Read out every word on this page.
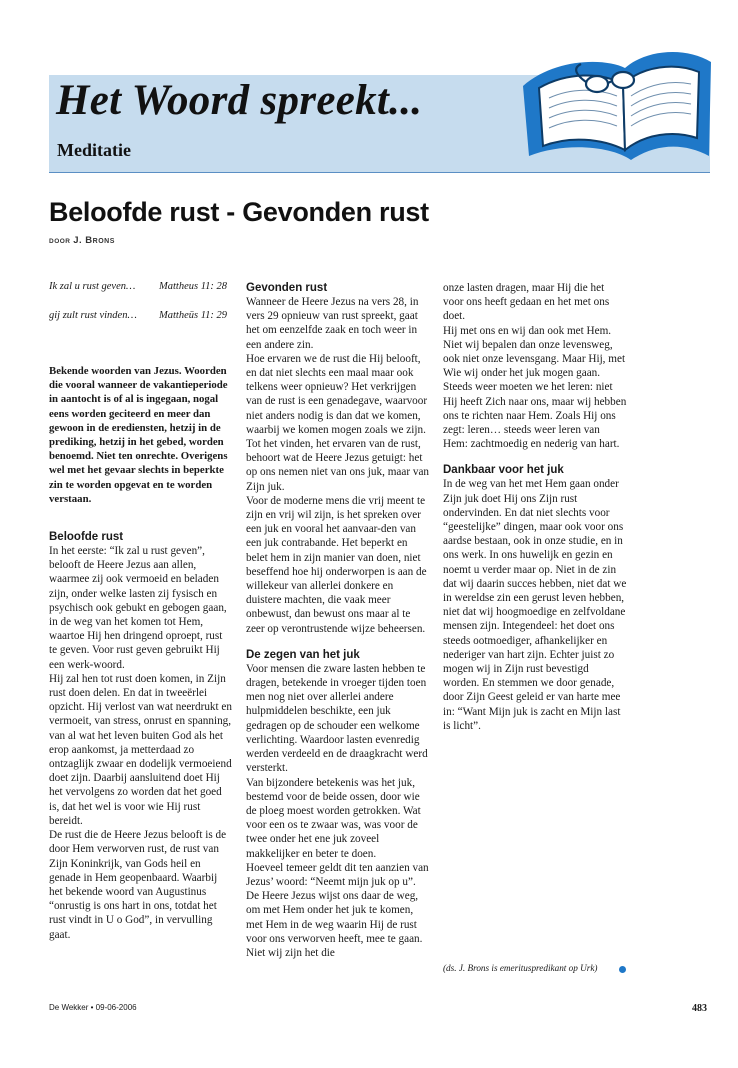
Het Woord spreekt...
Meditatie
Beloofde rust - Gevonden rust
DOOR J. Brons
Ik zal u rust geven… Mattheus 11: 28
gij zult rust vinden… Mattheüs 11: 29

Bekende woorden van Jezus. Woorden die vooral wanneer de vakantieperiode in aantocht is of al is ingegaan, nogal eens worden geciteerd en meer dan gewoon in de erediensten, hetzij in de prediking, hetzij in het gebed, worden benoemd. Niet ten onrechte. Overigens wel met het gevaar slechts in beperkte zin te worden opgevat en te worden verstaan.

Beloofde rust

In het eerste: “Ik zal u rust geven”, belooft de Heere Jezus aan allen, waarmee zij ook vermoeid en beladen zijn, onder welke lasten zij fysisch en psychisch ook gebukt en gebogen gaan, in de weg van het komen tot Hem, waartoe Hij hen dringend oproept, rust te geven. Voor rust geven gebruikt Hij een werk-woord.

Hij zal hen tot rust doen komen, in Zijn rust doen delen. En dat in tweeërlei opzicht. Hij verlost van wat neerdrukt en vermoeit, van stress, onrust en spanning, van al wat het leven buiten God als het erop aankomst, ja metterdaad zo ontzaglijk zwaar en dodelijk vermoeiend doet zijn. Daarbij aansluitend doet Hij het vervolgens zo worden dat het goed is, dat het wel is voor wie Hij rust bereidt.

De rust die de Heere Jezus belooft is de door Hem verworven rust, de rust van Zijn Koninkrijk, van Gods heil en genade in Hem geopenbaard. Waarbij het bekende woord van Augustinus “onrustig is ons hart in ons, totdat het rust vindt in U o God”, in vervulling gaat.

Gevonden rust

Wanneer de Heere Jezus na vers 28, in vers 29 opnieuw van rust spreekt, gaat het om eenzelfde zaak en toch weer in een andere zin.

Hoe ervaren we de rust die Hij belooft, en dat niet slechts een maal maar ook telkens weer opnieuw? Het verkrijgen van de rust is een genadegave, waarvoor niet anders nodig is dan dat we komen, waarbij we komen mogen zoals we zijn.

Tot het vinden, het ervaren van de rust, behoort wat de Heere Jezus getuigt: het op ons nemen niet van ons juk, maar van Zijn juk.

Voor de moderne mens die vrij meent te zijn en vrij wil zijn, is het spreken over een juk en vooral het aanvaar-den van een juk contrabande. Het beperkt en belet hem in zijn manier van doen, niet beseffend hoe hij onderworpen is aan de willekeur van allerlei donkere en duistere machten, die vaak meer onbewust, dan bewust ons maar al te zeer op verontrustende wijze beheersen.

De zegen van het juk

Voor mensen die zware lasten hebben te dragen, betekende in vroeger tijden toen men nog niet over allerlei andere hulpmiddelen beschikte, een juk gedragen op de schouder een welkome verlichting. Waardoor lasten evenredig werden verdeeld en de draagkracht werd versterkt.

Van bijzondere betekenis was het juk, bestemd voor de beide ossen, door wie de ploeg moest worden getrokken. Wat voor een os te zwaar was, was voor de twee onder het ene juk zoveel makkelijker en beter te doen.

Hoeveel temeer geldt dit ten aanzien van Jezus’ woord: “Neemt mijn juk op u”. De Heere Jezus wijst ons daar de weg, om met Hem onder het juk te komen, met Hem in de weg waarin Hij de rust voor ons verworven heeft, mee te gaan. Niet wij zijn het die

onze lasten dragen, maar Hij die het voor ons heeft gedaan en het met ons doet.

Hij met ons en wij dan ook met Hem. Niet wij bepalen dan onze levensweg, ook niet onze levensgang. Maar Hij, met Wie wij onder het juk mogen gaan. Steeds weer moeten we het leren: niet Hij heeft Zich naar ons, maar wij hebben ons te richten naar Hem. Zoals Hij ons zegt: leren… steeds weer leren van Hem: zachtmoedig en nederig van hart.

Dankbaar voor het juk

In de weg van het met Hem gaan onder Zijn juk doet Hij ons Zijn rust ondervinden. En dat niet slechts voor “geestelijke” dingen, maar ook voor ons aardse bestaan, ook in onze studie, en in ons werk. In ons huwelijk en gezin en noemt u verder maar op. Niet in de zin dat wij daarin succes hebben, niet dat we in wereldse zin een gerust leven hebben, niet dat wij hoogmoedige en zelfvoldane mensen zijn. Integendeel: het doet ons steeds ootmoediger, afhankelijker en nederiger van hart zijn. Echter juist zo mogen wij in Zijn rust bevestigd worden. En stemmen we door genade, door Zijn Geest geleid er van harte mee in: “Want Mijn juk is zacht en Mijn last is licht”.

(ds. J. Brons is emerituspredikant op Urk)
De Wekker • 09-06-2006	483
